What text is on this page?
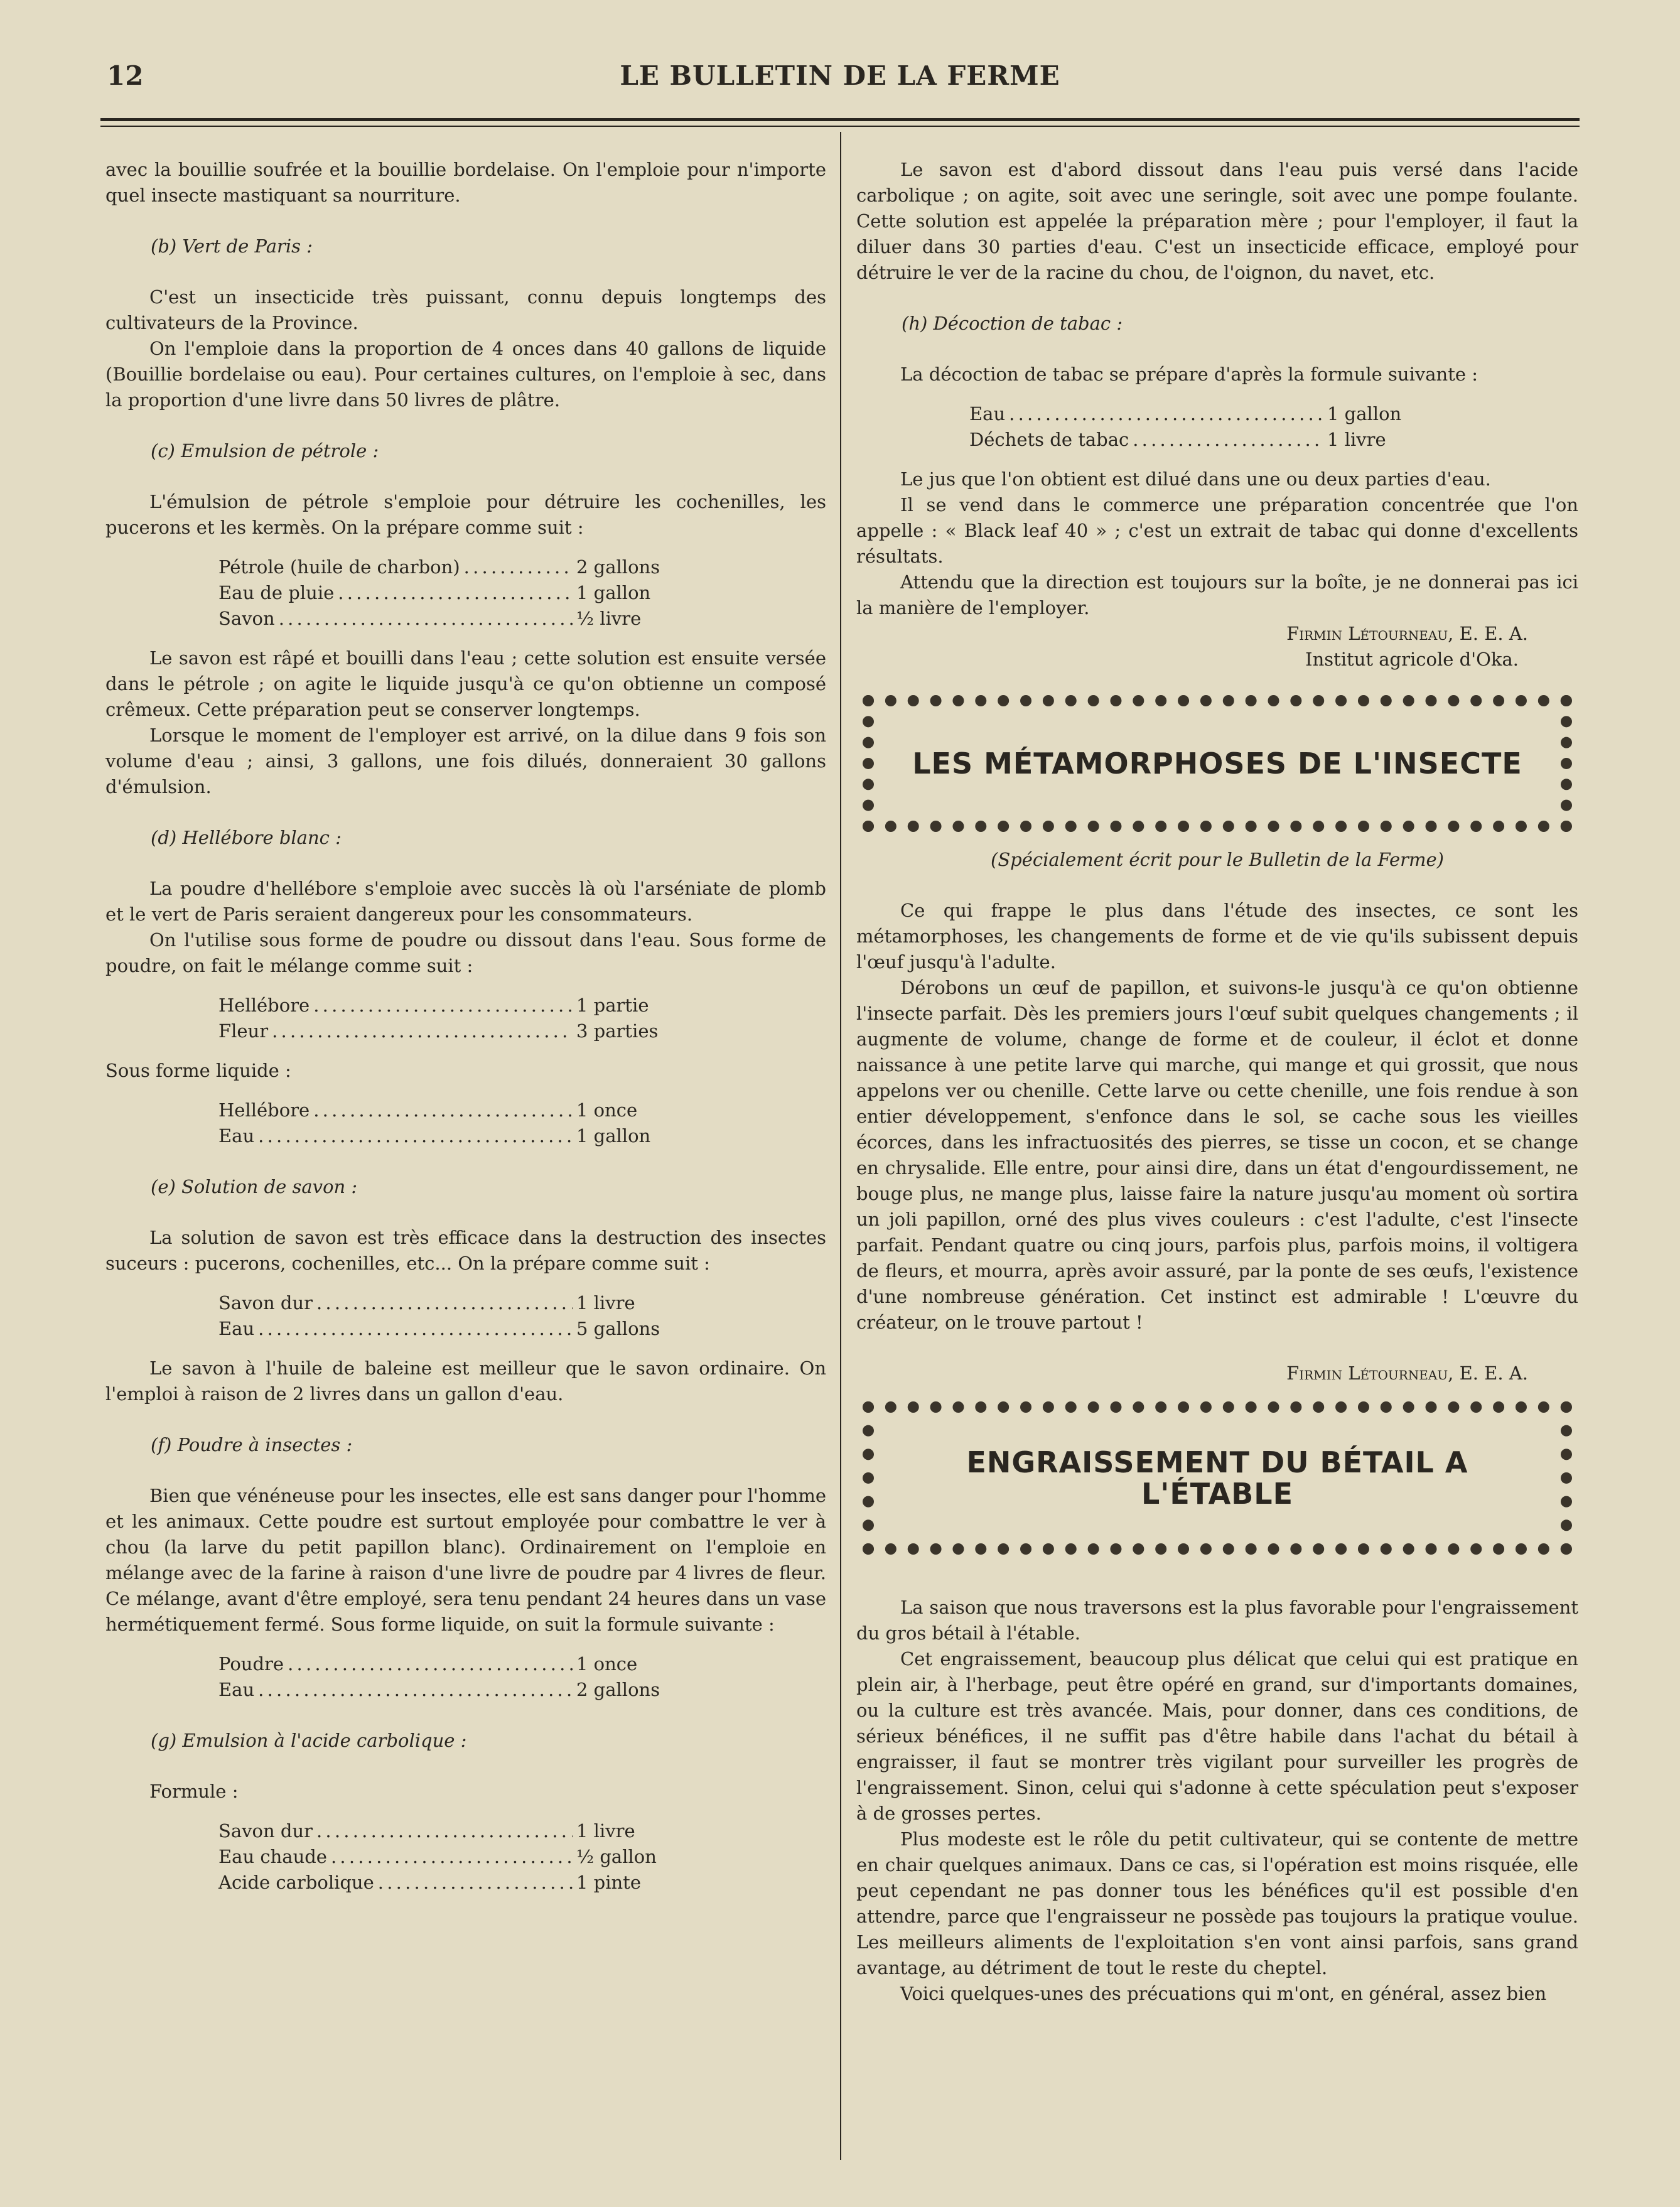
12	LE BULLETIN DE LA FERME

avec la bouillie soufrée et la bouillie bordelaise. On l'emploie pour n'importe quel insecte mastiquant sa nourriture.

(b) Vert de Paris :

C'est un insecticide très puissant, connu depuis longtemps des cultivateurs de la Province.

On l'emploie dans la proportion de 4 onces dans 40 gallons de liquide (Bouillie bordelaise ou eau). Pour certaines cultures, on l'emploie à sec, dans la proportion d'une livre dans 50 livres de plâtre.

(c) Emulsion de pétrole :

L'émulsion de pétrole s'emploie pour détruire les cochenilles, les pucerons et les kermès. On la prépare comme suit :

Pétrole (huile de charbon) . . .	2 gallons
Eau de pluie . . .	1 gallon
Savon . . .	½ livre

Le savon est râpé et bouilli dans l'eau ; cette solution est ensuite versée dans le pétrole ; on agite le liquide jusqu'à ce qu'on obtienne un composé crêmeux. Cette préparation peut se conserver longtemps.

Lorsque le moment de l'employer est arrivé, on la dilue dans 9 fois son volume d'eau ; ainsi, 3 gallons, une fois dilués, donneraient 30 gallons d'émulsion.

(d) Hellébore blanc :

La poudre d'hellébore s'emploie avec succès là où l'arséniate de plomb et le vert de Paris seraient dangereux pour les consommateurs.

On l'utilise sous forme de poudre ou dissout dans l'eau. Sous forme de poudre, on fait le mélange comme suit :

Hellébore . . .	1 partie
Fleur . . .	3 parties

Sous forme liquide :

Hellébore . . .	1 once
Eau . . .	1 gallon
(e) Solution de savon :

La solution de savon est très efficace dans la destruction des insectes suceurs : pucerons, cochenilles, etc... On la prépare comme suit :

Savon dur . . .	1 livre
Eau . . .	5 gallons

Le savon à l'huile de baleine est meilleur que le savon ordinaire. On l'emploi à raison de 2 livres dans un gallon d'eau.

(f) Poudre à insectes :

Bien que vénéneuse pour les insectes, elle est sans danger pour l'homme et les animaux. Cette poudre est surtout employée pour combattre le ver à chou (la larve du petit papillon blanc). Ordinairement on l'emploie en mélange avec de la farine à raison d'une livre de poudre par 4 livres de fleur. Ce mélange, avant d'être employé, sera tenu pendant 24 heures dans un vase hermétiquement fermé. Sous forme liquide, on suit la formule suivante :

Poudre . . .	1 once
Eau . . .	2 gallons
(g) Emulsion à l'acide carbolique :

Formule :

Savon dur . . .	1 livre
Eau chaude . . .	½ gallon
Acide carbolique . . .	1 pinte

Le savon est d'abord dissout dans l'eau puis versé dans l'acide carbolique ; on agite, soit avec une seringle, soit avec une pompe foulante. Cette solution est appelée la préparation mère ; pour l'employer, il faut la diluer dans 30 parties d'eau. C'est un insecticide efficace, employé pour détruire le ver de la racine du chou, de l'oignon, du navet, etc.

(h) Décoction de tabac :

La décoction de tabac se prépare d'après la formule suivante :

Eau . . .	1 gallon
Déchets de tabac . . .	1 livre

Le jus que l'on obtient est dilué dans une ou deux parties d'eau.

Il se vend dans le commerce une préparation concentrée que l'on appelle : « Black leaf 40 » ; c'est un extrait de tabac qui donne d'excellents résultats.

Attendu que la direction est toujours sur la boîte, je ne donnerai pas ici la manière de l'employer.

Firmin Létourneau, E. E. A.

Institut agricole d'Oka.

LES MÉTAMORPHOSES DE L'INSECTE

(Spécialement écrit pour le Bulletin de la Ferme)

Ce qui frappe le plus dans l'étude des insectes, ce sont les métamorphoses, les changements de forme et de vie qu'ils subissent depuis l'œuf jusqu'à l'adulte.

Dérobons un œuf de papillon, et suivons-le jusqu'à ce qu'on obtienne l'insecte parfait. Dès les premiers jours l'œuf subit quelques changements ; il augmente de volume, change de forme et de couleur, il éclot et donne naissance à une petite larve qui marche, qui mange et qui grossit, que nous appelons ver ou chenille. Cette larve ou cette chenille, une fois rendue à son entier développement, s'enfonce dans le sol, se cache sous les vieilles écorces, dans les infractuosités des pierres, se tisse un cocon, et se change en chrysalide. Elle entre, pour ainsi dire, dans un état d'engourdissement, ne bouge plus, ne mange plus, laisse faire la nature jusqu'au moment où sortira un joli papillon, orné des plus vives couleurs : c'est l'adulte, c'est l'insecte parfait. Pendant quatre ou cinq jours, parfois plus, parfois moins, il voltigera de fleurs, et mourra, après avoir assuré, par la ponte de ses œufs, l'existence d'une nombreuse génération. Cet instinct est admirable ! L'œuvre du créateur, on le trouve partout !

Firmin Létourneau, E. E. A.

ENGRAISSEMENT DU BÉTAIL A
L'ÉTABLE

La saison que nous traversons est la plus favorable pour l'engraissement du gros bétail à l'étable.

Cet engraissement, beaucoup plus délicat que celui qui est pratique en plein air, à l'herbage, peut être opéré en grand, sur d'importants domaines, ou la culture est très avancée. Mais, pour donner, dans ces conditions, de sérieux bénéfices, il ne suffit pas d'être habile dans l'achat du bétail à engraisser, il faut se montrer très vigilant pour surveiller les progrès de l'engraissement. Sinon, celui qui s'adonne à cette spéculation peut s'exposer à de grosses pertes.

Plus modeste est le rôle du petit cultivateur, qui se contente de mettre en chair quelques animaux. Dans ce cas, si l'opération est moins risquée, elle peut cependant ne pas donner tous les bénéfices qu'il est possible d'en attendre, parce que l'engraisseur ne possède pas toujours la pratique voulue. Les meilleurs aliments de l'exploitation s'en vont ainsi parfois, sans grand avantage, au détriment de tout le reste du cheptel.

Voici quelques-unes des précuations qui m'ont, en général, assez bien
